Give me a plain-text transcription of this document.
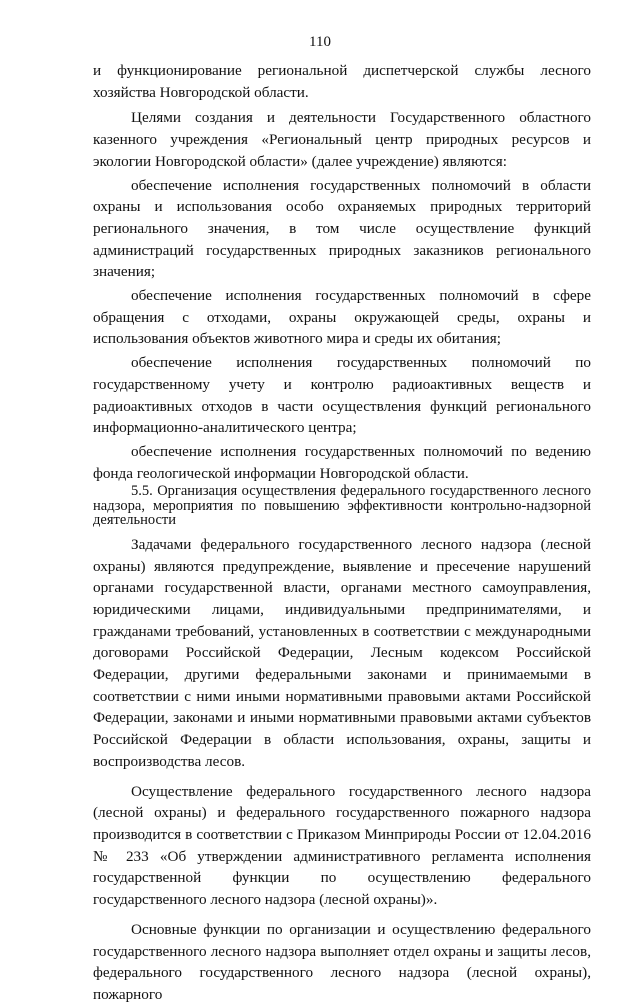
110

и функционирование региональной диспетчерской службы лесного хозяйства Новгородской области.

Целями создания и деятельности Государственного областного казенного учреждения «Региональный центр природных ресурсов и экологии Новгородской области» (далее учреждение) являются:

обеспечение исполнения государственных полномочий в области охраны и использования особо охраняемых природных территорий регионального значения, в том числе осуществление функций администраций государственных природных заказников регионального значения;

обеспечение исполнения государственных полномочий в сфере обращения с отходами, охраны окружающей среды, охраны и использования объектов животного мира и среды их обитания;

обеспечение исполнения государственных полномочий по государственному учету и контролю радиоактивных веществ и радиоактивных отходов в части осуществления функций регионального информационно-аналитического центра;

обеспечение исполнения государственных полномочий по ведению фонда геологической информации Новгородской области.

5.5. Организация осуществления федерального государственного лесного надзора, мероприятия по повышению эффективности контрольно-надзорной деятельности

Задачами федерального государственного лесного надзора (лесной охраны) являются предупреждение, выявление и пресечение нарушений органами государственной власти, органами местного самоуправления, юридическими лицами, индивидуальными предпринимателями, и гражданами требований, установленных в соответствии с международными договорами Российской Федерации, Лесным кодексом Российской Федерации, другими федеральными законами и принимаемыми в соответствии с ними иными нормативными правовыми актами Российской Федерации, законами и иными нормативными правовыми актами субъектов Российской Федерации в области использования, охраны, защиты и воспроизводства лесов.

Осуществление федерального государственного лесного надзора (лесной охраны) и федерального государственного пожарного надзора производится в соответствии с Приказом Минприроды России от 12.04.2016 № 233 «Об утверждении административного регламента исполнения государственной функции по осуществлению федерального государственного лесного надзора (лесной охраны)».

Основные функции по организации и осуществлению федерального государственного лесного надзора выполняет отдел охраны и защиты лесов, федерального государственного лесного надзора (лесной охраны), пожарного
